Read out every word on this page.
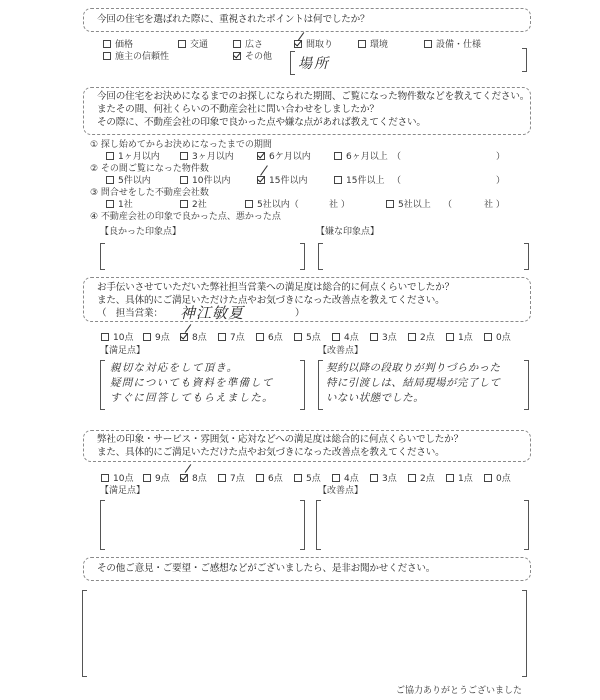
今回の住宅を選ばれた際に、重視されたポイントは何でしたか？
価格	交通	広さ	間取り	環境	設備・仕様
施主の信頼性	その他 場所
今回の住宅をお決めになるまでのお探しになられた期間、ご覧になった物件数などを教えてください。
またその間、何社くらいの不動産会社に問い合わせをしましたか？
その際に、不動産会社の印象で良かった点や嫌な点があれば教えてください。
① 探し始めてからお決めになったまでの期間
1ヶ月以内	3ヶ月以内	6ケ月以内	6ヶ月以上 （	）
② その間ご覧になった物件数
5件以内	10件以内	15件以内	15件以上 （	）
③ 問合せをした不動産会社数
1社	2社	5社以内（	社 ）	5社以上 （	社 ）
④ 不動産会社の印象で良かった点、悪かった点
【良かった印象点】	【嫌な印象点】
お手伝いさせていただいた弊社担当営業への満足度は総合的に何点くらいでしたか？
また、具体的にご満足いただけた点やお気づきになった改善点を教えてください。
（　担当営業： 神江敏夏	）
10点	9点	8点	7点	6点	5点	4点	3点	2点	1点	0点
【満足点】	【改善点】
親切な対応をして頂き。
疑問についても資料を準備して
すぐに回答してもらえました。
契約以降の段取りが判りづらかった
特に引渡しは、結局現場が完了して
いない状態でした。
弊社の印象・サービス・雰囲気・応対などへの満足度は総合的に何点くらいでしたか？
また、具体的にご満足いただけた点やお気づきになった改善点を教えてください。
10点	9点	8点	7点	6点	5点	4点	3点	2点	1点	0点
【満足点】	【改善点】
その他ご意見・ご要望・ご感想などがございましたら、是非お聞かせください。
ご協力ありがとうございました
